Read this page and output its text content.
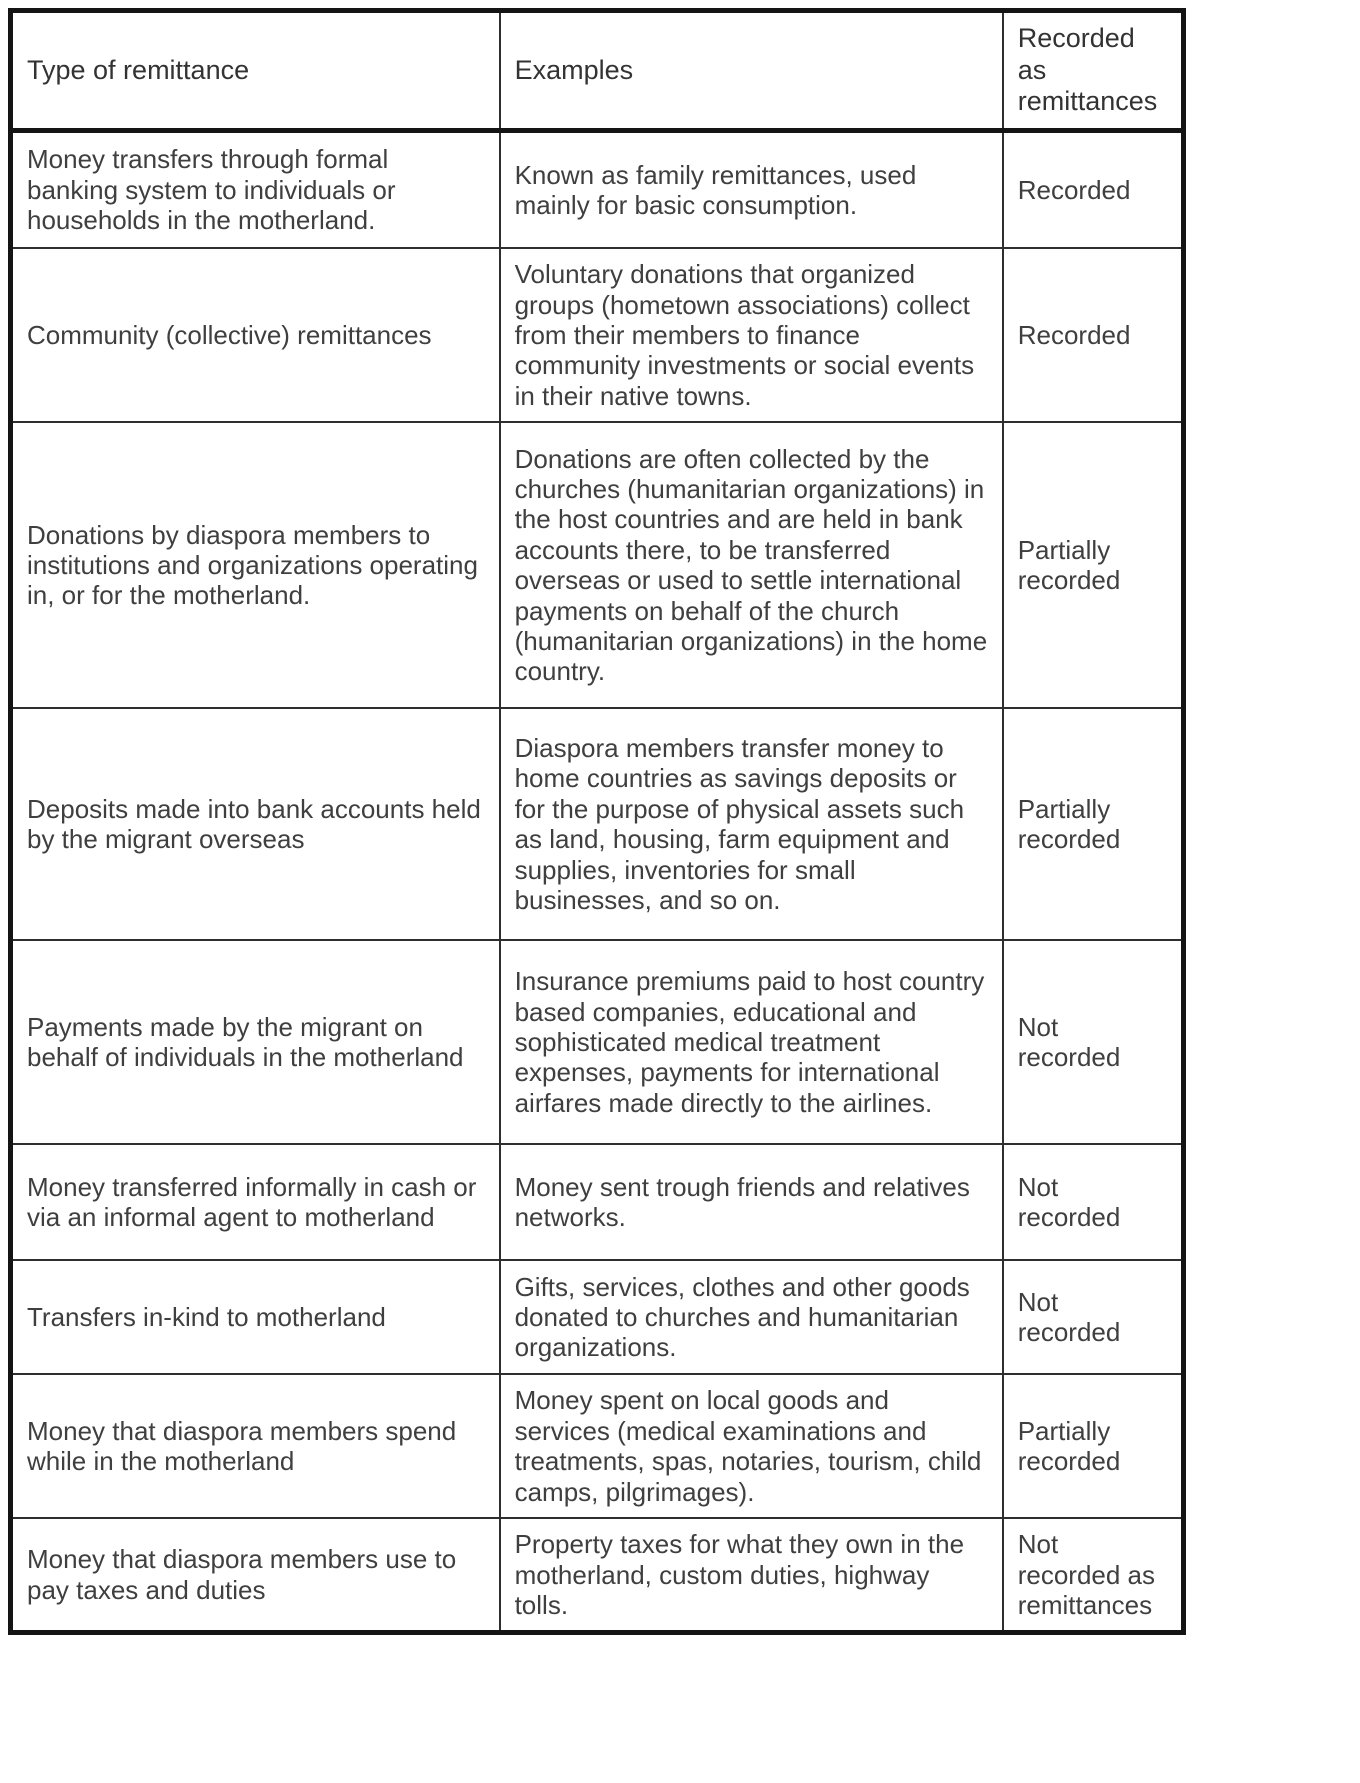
Type of remittance	Examples	Recorded as remittances
Money transfers through formal banking system to individuals or households in the motherland.	Known as family remittances, used mainly for basic consumption.	Recorded
Community (collective) remittances	Voluntary donations that organized groups (hometown associations) collect from their members to finance community investments or social events in their native towns.	Recorded
Donations by diaspora members to institutions and organizations operating in, or for the motherland.	Donations are often collected by the churches (humanitarian organizations) in the host countries and are held in bank accounts there, to be transferred overseas or used to settle international payments on behalf of the church (humanitarian organizations) in the home country.	Partially recorded
Deposits made into bank accounts held by the migrant overseas	Diaspora members transfer money to home countries as savings deposits or for the purpose of physical assets such as land, housing, farm equipment and supplies, inventories for small businesses, and so on.	Partially recorded
Payments made by the migrant on behalf of individuals in the motherland	Insurance premiums paid to host country based companies, educational and sophisticated medical treatment expenses, payments for international airfares made directly to the airlines.	Not recorded
Money transferred informally in cash or via an informal agent to motherland	Money sent trough friends and relatives networks.	Not recorded
Transfers in-kind to motherland	Gifts, services, clothes and other goods donated to churches and humanitarian organizations.	Not recorded
Money that diaspora members spend while in the motherland	Money spent on local goods and services (medical examinations and treatments, spas, notaries, tourism, child camps, pilgrimages).	Partially recorded
Money that diaspora members use to pay taxes and duties	Property taxes for what they own in the motherland, custom duties, highway tolls.	Not recorded as remittances
